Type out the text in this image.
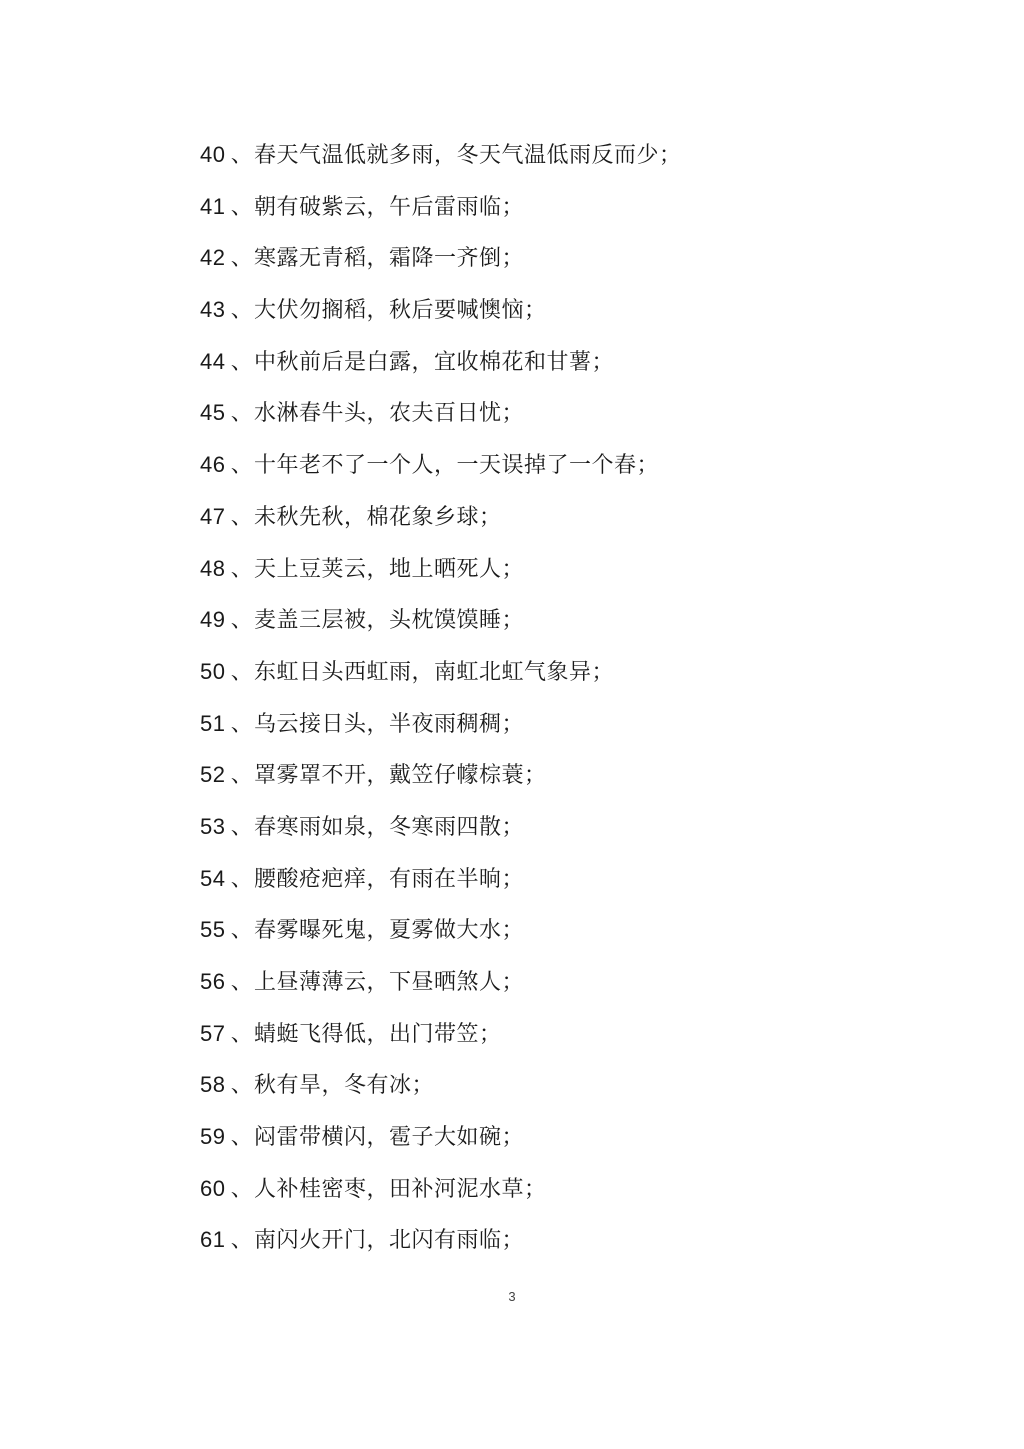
40 、春天气温低就多雨，冬天气温低雨反而少；
41 、朝有破紫云，午后雷雨临；
42 、寒露无青稻，霜降一齐倒；
43 、大伏勿搁稻，秋后要喊懊恼；
44 、中秋前后是白露，宜收棉花和甘薯；
45 、水淋春牛头，农夫百日忧；
46 、十年老不了一个人，一天误掉了一个春；
47 、未秋先秋，棉花象乡球；
48 、天上豆荚云，地上晒死人；
49 、麦盖三层被，头枕馍馍睡；
50 、东虹日头西虹雨，南虹北虹气象异；
51 、乌云接日头，半夜雨稠稠；
52 、罩雾罩不开，戴笠仔幪棕蓑；
53 、春寒雨如泉，冬寒雨四散；
54 、腰酸疮疤痒，有雨在半晌；
55 、春雾曝死鬼，夏雾做大水；
56 、上昼薄薄云，下昼晒煞人；
57 、蜻蜓飞得低，出门带笠；
58 、秋有旱，冬有冰；
59 、闷雷带横闪，雹子大如碗；
60 、人补桂密枣，田补河泥水草；
61 、南闪火开门，北闪有雨临；
3
